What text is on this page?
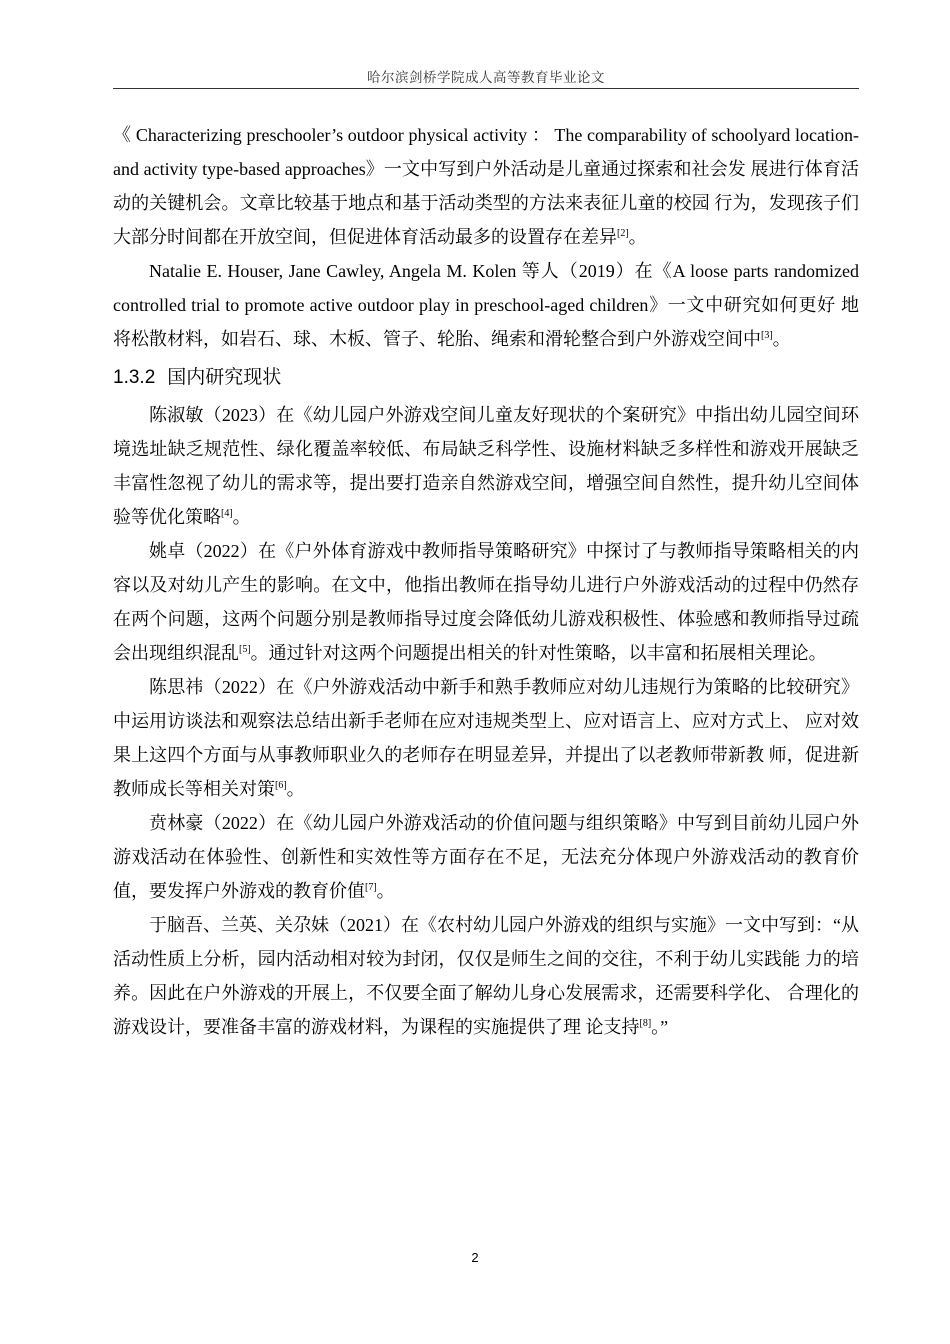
哈尔滨剑桥学院成人高等教育毕业论文

《 Characterizing preschooler’s outdoor physical activity ： The comparability of schoolyard location- and activity type-based approaches》一文中写到户外活动是儿童通过探索和社会发 展进行体育活动的关键机会。文章比较基于地点和基于活动类型的方法来表征儿童的校园 行为，发现孩子们大部分时间都在开放空间，但促进体育活动最多的设置存在差异[2]。

Natalie E. Houser, Jane Cawley, Angela M. Kolen 等人（2019）在《A loose parts randomized controlled trial to promote active outdoor play in preschool-aged children》一文中研究如何更好 地将松散材料，如岩石、球、木板、管子、轮胎、绳索和滑轮整合到户外游戏空间中[3]。

1.3.2 国内研究现状

陈淑敏（2023）在《幼儿园户外游戏空间儿童友好现状的个案研究》中指出幼儿园空间环境选址缺乏规范性、绿化覆盖率较低、布局缺乏科学性、设施材料缺乏多样性和游戏开展缺乏丰富性忽视了幼儿的需求等，提出要打造亲自然游戏空间，增强空间自然性，提升幼儿空间体验等优化策略[4]。

姚卓（2022）在《户外体育游戏中教师指导策略研究》中探讨了与教师指导策略相关的内容以及对幼儿产生的影响。在文中，他指出教师在指导幼儿进行户外游戏活动的过程中仍然存在两个问题，这两个问题分别是教师指导过度会降低幼儿游戏积极性、体验感和教师指导过疏会出现组织混乱[5]。通过针对这两个问题提出相关的针对性策略，以丰富和拓展相关理论。

陈思祎（2022）在《户外游戏活动中新手和熟手教师应对幼儿违规行为策略的比较研究》中运用访谈法和观察法总结出新手老师在应对违规类型上、应对语言上、应对方式上、 应对效果上这四个方面与从事教师职业久的老师存在明显差异，并提出了以老教师带新教 师，促进新教师成长等相关对策[6]。

贲林豪（2022）在《幼儿园户外游戏活动的价值问题与组织策略》中写到目前幼儿园户外游戏活动在体验性、创新性和实效性等方面存在不足，无法充分体现户外游戏活动的教育价值，要发挥户外游戏的教育价值[7]。

于脑吾、兰英、关尕妹（2021）在《农村幼儿园户外游戏的组织与实施》一文中写到：“从活动性质上分析，园内活动相对较为封闭，仅仅是师生之间的交往，不利于幼儿实践能 力的培养。因此在户外游戏的开展上，不仅要全面了解幼儿身心发展需求，还需要科学化、 合理化的游戏设计，要准备丰富的游戏材料，为课程的实施提供了理 论支持[8]。”

2
